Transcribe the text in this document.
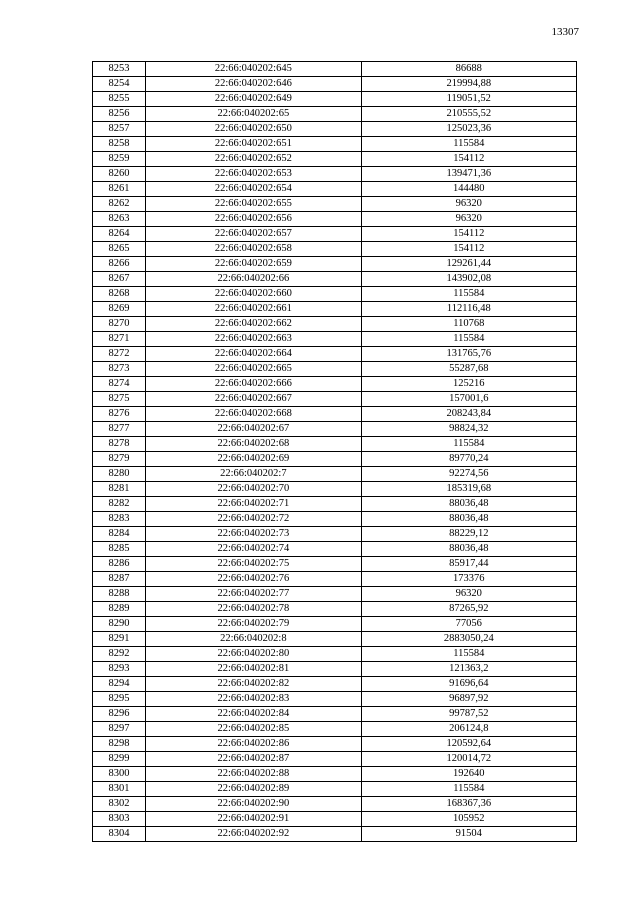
13307
8253	22:66:040202:645	86688
8254	22:66:040202:646	219994,88
8255	22:66:040202:649	119051,52
8256	22:66:040202:65	210555,52
8257	22:66:040202:650	125023,36
8258	22:66:040202:651	115584
8259	22:66:040202:652	154112
8260	22:66:040202:653	139471,36
8261	22:66:040202:654	144480
8262	22:66:040202:655	96320
8263	22:66:040202:656	96320
8264	22:66:040202:657	154112
8265	22:66:040202:658	154112
8266	22:66:040202:659	129261,44
8267	22:66:040202:66	143902,08
8268	22:66:040202:660	115584
8269	22:66:040202:661	112116,48
8270	22:66:040202:662	110768
8271	22:66:040202:663	115584
8272	22:66:040202:664	131765,76
8273	22:66:040202:665	55287,68
8274	22:66:040202:666	125216
8275	22:66:040202:667	157001,6
8276	22:66:040202:668	208243,84
8277	22:66:040202:67	98824,32
8278	22:66:040202:68	115584
8279	22:66:040202:69	89770,24
8280	22:66:040202:7	92274,56
8281	22:66:040202:70	185319,68
8282	22:66:040202:71	88036,48
8283	22:66:040202:72	88036,48
8284	22:66:040202:73	88229,12
8285	22:66:040202:74	88036,48
8286	22:66:040202:75	85917,44
8287	22:66:040202:76	173376
8288	22:66:040202:77	96320
8289	22:66:040202:78	87265,92
8290	22:66:040202:79	77056
8291	22:66:040202:8	2883050,24
8292	22:66:040202:80	115584
8293	22:66:040202:81	121363,2
8294	22:66:040202:82	91696,64
8295	22:66:040202:83	96897,92
8296	22:66:040202:84	99787,52
8297	22:66:040202:85	206124,8
8298	22:66:040202:86	120592,64
8299	22:66:040202:87	120014,72
8300	22:66:040202:88	192640
8301	22:66:040202:89	115584
8302	22:66:040202:90	168367,36
8303	22:66:040202:91	105952
8304	22:66:040202:92	91504
